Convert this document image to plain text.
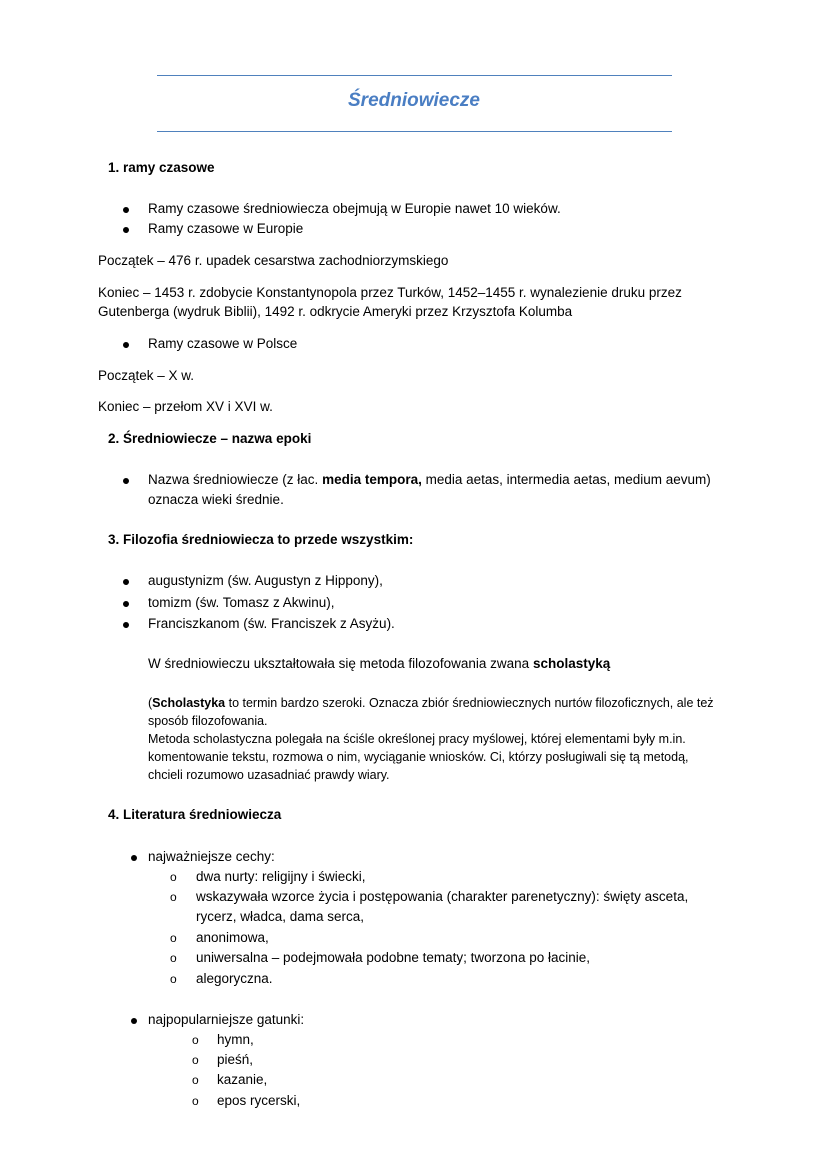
Średniowiecze
1. ramy czasowe
Ramy czasowe średniowiecza obejmują w Europie nawet 10 wieków.
Ramy czasowe w Europie
Początek – 476 r. upadek cesarstwa zachodniorzymskiego
Koniec – 1453 r. zdobycie Konstantynopola przez Turków, 1452–1455 r. wynalezienie druku przez
Gutenberga (wydruk Biblii), 1492 r. odkrycie Ameryki przez Krzysztofa Kolumba
Ramy czasowe w Polsce
Początek – X w.
Koniec – przełom XV i XVI w.
2. Średniowiecze – nazwa epoki
Nazwa średniowiecze (z łac. media tempora, media aetas, intermedia aetas, medium aevum)
oznacza wieki średnie.
3. Filozofia średniowiecza to przede wszystkim:
augustynizm (św. Augustyn z Hippony),
tomizm (św. Tomasz z Akwinu),
Franciszkanom (św. Franciszek z Asyżu).
W średniowieczu ukształtowała się metoda filozofowania zwana scholastyką
(Scholastyka to termin bardzo szeroki. Oznacza zbiór średniowiecznych nurtów filozoficznych, ale też
sposób filozofowania.
Metoda scholastyczna polegała na ściśle określonej pracy myślowej, której elementami były m.in.
komentowanie tekstu, rozmowa o nim, wyciąganie wniosków. Ci, którzy posługiwali się tą metodą,
chcieli rozumowo uzasadniać prawdy wiary.
4. Literatura średniowiecza
najważniejsze cechy:
o dwa nurty: religijny i świecki,
o wskazywała wzorce życia i postępowania (charakter parenetyczny): święty asceta,
rycerz, władca, dama serca,
o anonimowa,
o uniwersalna – podejmowała podobne tematy; tworzona po łacinie,
o alegoryczna.
najpopularniejsze gatunki:
o hymn,
o pieśń,
o kazanie,
o epos rycerski,
